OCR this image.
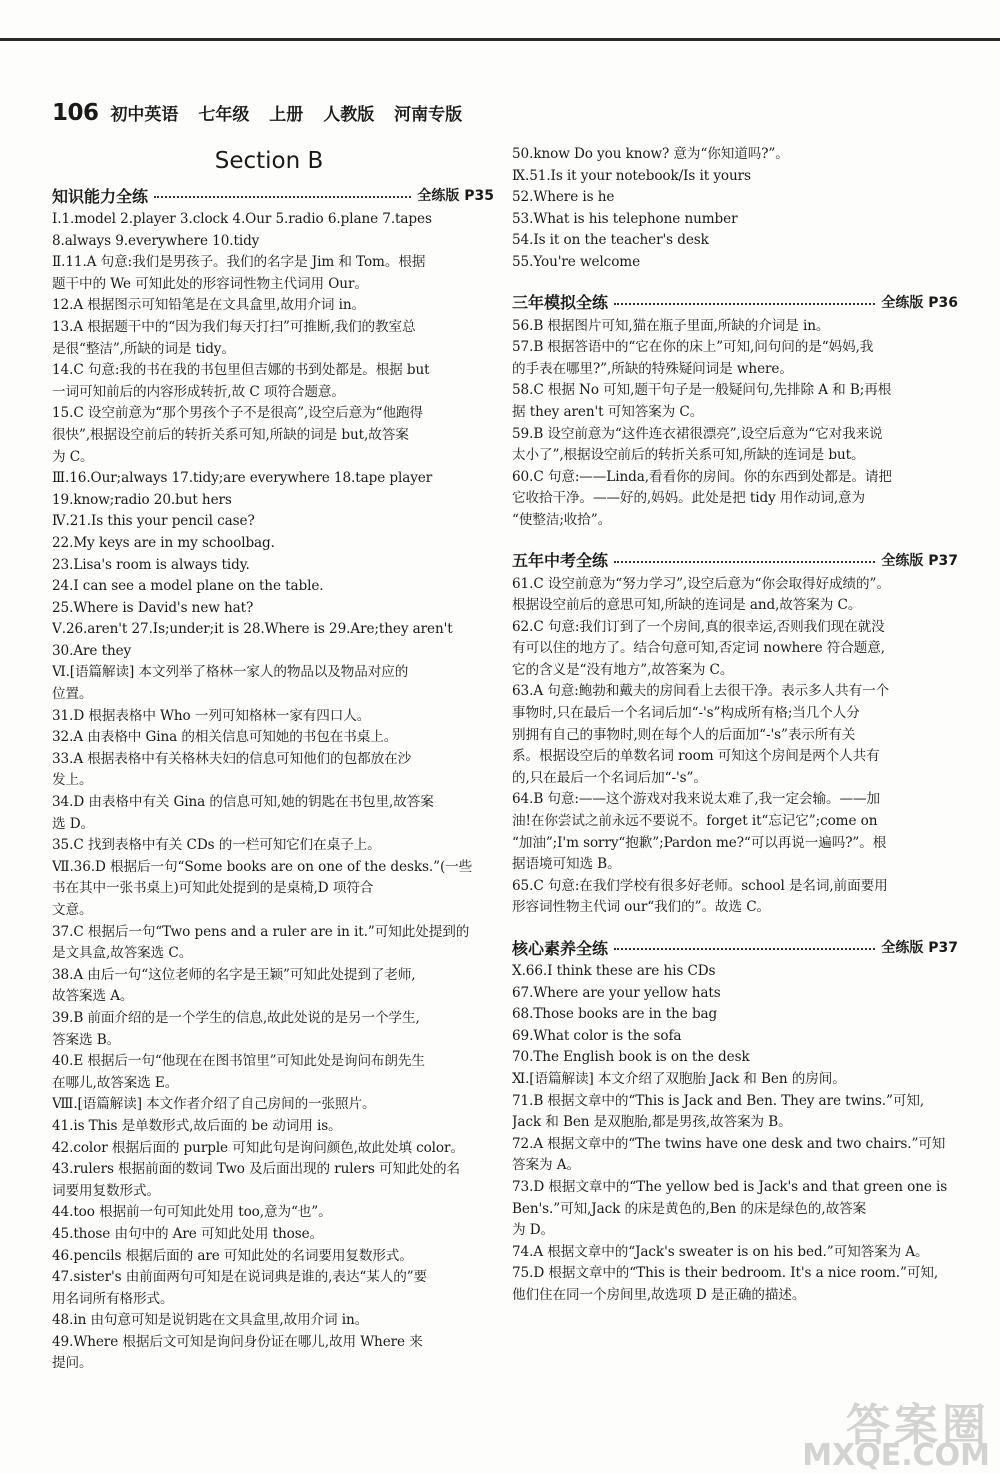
106 初中英语 七年级 上册 人教版 河南专版
Section B
知识能力全练	全练版 P35
Ⅰ.1.model 2.player 3.clock 4.Our 5.radio 6.plane 7.tapes
8.always 9.everywhere 10.tidy
Ⅱ.11.A 句意:我们是男孩子。我们的名字是 Jim 和 Tom。根据
题干中的 We 可知此处的形容词性物主代词用 Our。
12.A 根据图示可知铅笔是在文具盒里,故用介词 in。
13.A 根据题干中的“因为我们每天打扫”可推断,我们的教室总
是很“整洁”,所缺的词是 tidy。
14.C 句意:我的书在我的书包里但吉娜的书到处都是。根据 but
一词可知前后的内容形成转折,故 C 项符合题意。
15.C 设空前意为“那个男孩个子不是很高”,设空后意为“他跑得
很快”,根据设空前后的转折关系可知,所缺的词是 but,故答案
为 C。
Ⅲ.16.Our;always 17.tidy;are everywhere 18.tape player
19.know;radio 20.but hers
Ⅳ.21.Is this your pencil case?
22.My keys are in my schoolbag.
23.Lisa's room is always tidy.
24.I can see a model plane on the table.
25.Where is David's new hat?
Ⅴ.26.aren't 27.Is;under;it is 28.Where is 29.Are;they aren't
30.Are they
Ⅵ.[语篇解读] 本文列举了格林一家人的物品以及物品对应的
位置。
31.D 根据表格中 Who 一列可知格林一家有四口人。
32.A 由表格中 Gina 的相关信息可知她的书包在书桌上。
33.A 根据表格中有关格林夫妇的信息可知他们的包都放在沙
发上。
34.D 由表格中有关 Gina 的信息可知,她的钥匙在书包里,故答案
选 D。
35.C 找到表格中有关 CDs 的一栏可知它们在桌子上。
Ⅶ.36.D 根据后一句“Some books are on one of the desks.”(一些
书在其中一张书桌上)可知此处提到的是桌椅,D 项符合
文意。
37.C 根据后一句“Two pens and a ruler are in it.”可知此处提到的
是文具盒,故答案选 C。
38.A 由后一句“这位老师的名字是王颖”可知此处提到了老师,
故答案选 A。
39.B 前面介绍的是一个学生的信息,故此处说的是另一个学生,
答案选 B。
40.E 根据后一句“他现在在图书馆里”可知此处是询问布朗先生
在哪儿,故答案选 E。
Ⅷ.[语篇解读] 本文作者介绍了自己房间的一张照片。
41.is This 是单数形式,故后面的 be 动词用 is。
42.color 根据后面的 purple 可知此句是询问颜色,故此处填 color。
43.rulers 根据前面的数词 Two 及后面出现的 rulers 可知此处的名
词要用复数形式。
44.too 根据前一句可知此处用 too,意为“也”。
45.those 由句中的 Are 可知此处用 those。
46.pencils 根据后面的 are 可知此处的名词要用复数形式。
47.sister's 由前面两句可知是在说词典是谁的,表达“某人的”要
用名词所有格形式。
48.in 由句意可知是说钥匙在文具盒里,故用介词 in。
49.Where 根据后文可知是询问身份证在哪儿,故用 Where 来
提问。
50.know Do you know? 意为“你知道吗?”。
Ⅸ.51.Is it your notebook/Is it yours
52.Where is he
53.What is his telephone number
54.Is it on the teacher's desk
55.You're welcome
三年模拟全练	全练版 P36
56.B 根据图片可知,猫在瓶子里面,所缺的介词是 in。
57.B 根据答语中的“它在你的床上”可知,问句问的是“妈妈,我
的手表在哪里?”,所缺的特殊疑问词是 where。
58.C 根据 No 可知,题干句子是一般疑问句,先排除 A 和 B;再根
据 they aren't 可知答案为 C。
59.B 设空前意为“这件连衣裙很漂亮”,设空后意为“它对我来说
太小了”,根据设空前后的转折关系可知,所缺的连词是 but。
60.C 句意:——Linda,看看你的房间。你的东西到处都是。请把
它收拾干净。——好的,妈妈。此处是把 tidy 用作动词,意为
“使整洁;收拾”。
五年中考全练	全练版 P37
61.C 设空前意为“努力学习”,设空后意为“你会取得好成绩的”。
根据设空前后的意思可知,所缺的连词是 and,故答案为 C。
62.C 句意:我们订到了一个房间,真的很幸运,否则我们现在就没
有可以住的地方了。结合句意可知,否定词 nowhere 符合题意,
它的含义是“没有地方”,故答案为 C。
63.A 句意:鲍勃和戴夫的房间看上去很干净。表示多人共有一个
事物时,只在最后一个名词后加“-'s”构成所有格;当几个人分
别拥有自己的事物时,则在每个人的后面加“-'s”表示所有关
系。根据设空后的单数名词 room 可知这个房间是两个人共有
的,只在最后一个名词后加“-'s”。
64.B 句意:——这个游戏对我来说太难了,我一定会输。——加
油!在你尝试之前永远不要说不。forget it“忘记它”;come on
“加油”;I'm sorry“抱歉”;Pardon me?“可以再说一遍吗?”。根
据语境可知选 B。
65.C 句意:在我们学校有很多好老师。school 是名词,前面要用
形容词性物主代词 our“我们的”。故选 C。
核心素养全练	全练版 P37
Ⅹ.66.I think these are his CDs
67.Where are your yellow hats
68.Those books are in the bag
69.What color is the sofa
70.The English book is on the desk
Ⅺ.[语篇解读] 本文介绍了双胞胎 Jack 和 Ben 的房间。
71.B 根据文章中的“This is Jack and Ben. They are twins.”可知,
Jack 和 Ben 是双胞胎,都是男孩,故答案为 B。
72.A 根据文章中的“The twins have one desk and two chairs.”可知
答案为 A。
73.D 根据文章中的“The yellow bed is Jack's and that green one is
Ben's.”可知,Jack 的床是黄色的,Ben 的床是绿色的,故答案
为 D。
74.A 根据文章中的“Jack's sweater is on his bed.”可知答案为 A。
75.D 根据文章中的“This is their bedroom. It's a nice room.”可知,
他们住在同一个房间里,故选项 D 是正确的描述。
答案圈
MXQE.COM
